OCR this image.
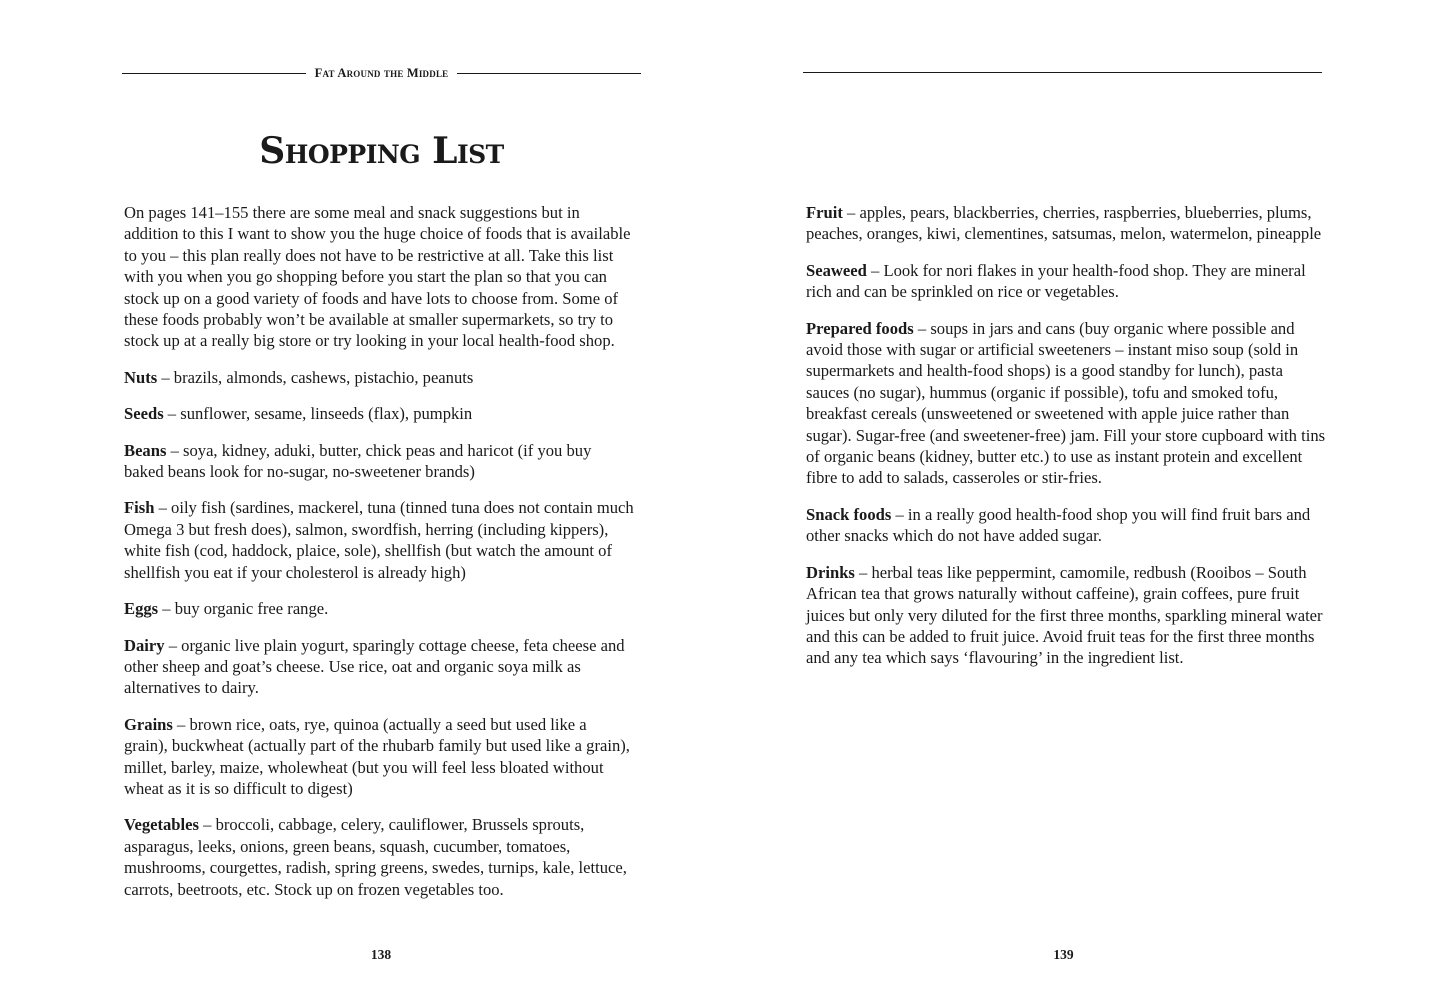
Fat Around the Middle
Shopping List

On pages 141–155 there are some meal and snack suggestions but in addition to this I want to show you the huge choice of foods that is available to you – this plan really does not have to be restrictive at all. Take this list with you when you go shopping before you start the plan so that you can stock up on a good variety of foods and have lots to choose from. Some of these foods probably won’t be available at smaller supermarkets, so try to stock up at a really big store or try looking in your local health-food shop.

Nuts – brazils, almonds, cashews, pistachio, peanuts

Seeds – sunflower, sesame, linseeds (flax), pumpkin

Beans – soya, kidney, aduki, butter, chick peas and haricot (if you buy baked beans look for no-sugar, no-sweetener brands)

Fish – oily fish (sardines, mackerel, tuna (tinned tuna does not contain much Omega 3 but fresh does), salmon, swordfish, herring (including kippers), white fish (cod, haddock, plaice, sole), shellfish (but watch the amount of shellfish you eat if your cholesterol is already high)

Eggs – buy organic free range.

Dairy – organic live plain yogurt, sparingly cottage cheese, feta cheese and other sheep and goat’s cheese. Use rice, oat and organic soya milk as alternatives to dairy.

Grains – brown rice, oats, rye, quinoa (actually a seed but used like a grain), buckwheat (actually part of the rhubarb family but used like a grain), millet, barley, maize, wholewheat (but you will feel less bloated without wheat as it is so difficult to digest)

Vegetables – broccoli, cabbage, celery, cauliflower, Brussels sprouts, asparagus, leeks, onions, green beans, squash, cucumber, tomatoes, mushrooms, courgettes, radish, spring greens, swedes, turnips, kale, lettuce, carrots, beetroots, etc. Stock up on frozen vegetables too.

138

Fruit – apples, pears, blackberries, cherries, raspberries, blueberries, plums, peaches, oranges, kiwi, clementines, satsumas, melon, watermelon, pineapple

Seaweed – Look for nori flakes in your health-food shop. They are mineral rich and can be sprinkled on rice or vegetables.

Prepared foods – soups in jars and cans (buy organic where possible and avoid those with sugar or artificial sweeteners – instant miso soup (sold in supermarkets and health-food shops) is a good standby for lunch), pasta sauces (no sugar), hummus (organic if possible), tofu and smoked tofu, breakfast cereals (unsweetened or sweetened with apple juice rather than sugar). Sugar-free (and sweetener-free) jam. Fill your store cupboard with tins of organic beans (kidney, butter etc.) to use as instant protein and excellent fibre to add to salads, casseroles or stir-fries.

Snack foods – in a really good health-food shop you will find fruit bars and other snacks which do not have added sugar.

Drinks – herbal teas like peppermint, camomile, redbush (Rooibos – South African tea that grows naturally without caffeine), grain coffees, pure fruit juices but only very diluted for the first three months, sparkling mineral water and this can be added to fruit juice. Avoid fruit teas for the first three months and any tea which says ‘flavouring’ in the ingredient list.

139
